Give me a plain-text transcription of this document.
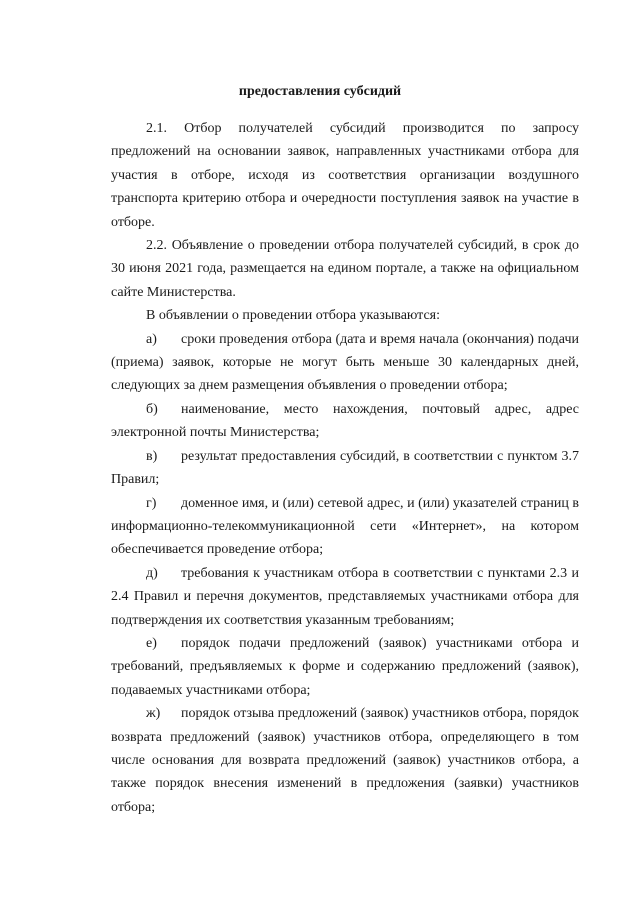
предоставления субсидий

2.1. Отбор получателей субсидий производится по запросу предложений на основании заявок, направленных участниками отбора для участия в отборе, исходя из соответствия организации воздушного транспорта критерию отбора и очередности поступления заявок на участие в отборе.

2.2. Объявление о проведении отбора получателей субсидий, в срок до 30 июня 2021 года, размещается на едином портале, а также на официальном сайте Министерства.

В объявлении о проведении отбора указываются:

а) сроки проведения отбора (дата и время начала (окончания) подачи (приема) заявок, которые не могут быть меньше 30 календарных дней, следующих за днем размещения объявления о проведении отбора;

б) наименование, место нахождения, почтовый адрес, адрес электронной почты Министерства;

в) результат предоставления субсидий, в соответствии с пунктом 3.7 Правил;

г) доменное имя, и (или) сетевой адрес, и (или) указателей страниц в информационно-телекоммуникационной сети «Интернет», на котором обеспечивается проведение отбора;

д) требования к участникам отбора в соответствии с пунктами 2.3 и 2.4 Правил и перечня документов, представляемых участниками отбора для подтверждения их соответствия указанным требованиям;

е) порядок подачи предложений (заявок) участниками отбора и требований, предъявляемых к форме и содержанию предложений (заявок), подаваемых участниками отбора;

ж) порядок отзыва предложений (заявок) участников отбора, порядок возврата предложений (заявок) участников отбора, определяющего в том числе основания для возврата предложений (заявок) участников отбора, а также порядок внесения изменений в предложения (заявки) участников отбора;
